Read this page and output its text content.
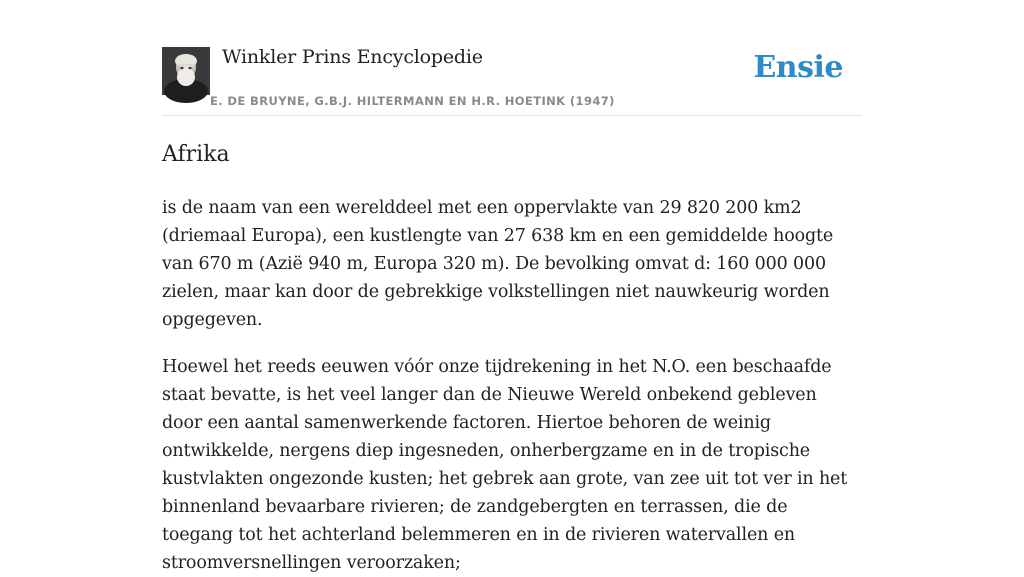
Winkler Prins Encyclopedie
E. DE BRUYNE, G.B.J. HILTERMANN EN H.R. HOETINK (1947)
Ensie
Afrika

is de naam van een werelddeel met een oppervlakte van 29 820 200 km2 (driemaal Europa), een kustlengte van 27 638 km en een gemiddelde hoogte van 670 m (Azië 940 m, Europa 320 m). De bevolking omvat d: 160 000 000 zielen, maar kan door de gebrekkige volkstellingen niet nauwkeurig worden opgegeven.

Hoewel het reeds eeuwen vóór onze tijdrekening in het N.O. een beschaafde staat bevatte, is het veel langer dan de Nieuwe Wereld onbekend gebleven door een aantal samenwerkende factoren. Hiertoe behoren de weinig ontwikkelde, nergens diep ingesneden, onherbergzame en in de tropische kustvlakten ongezonde kusten; het gebrek aan grote, van zee uit tot ver in het binnenland bevaarbare rivieren; de zandgebergten en terrassen, die de toegang tot het achterland belemmeren en in de rivieren watervallen en stroomversnellingen veroorzaken;
